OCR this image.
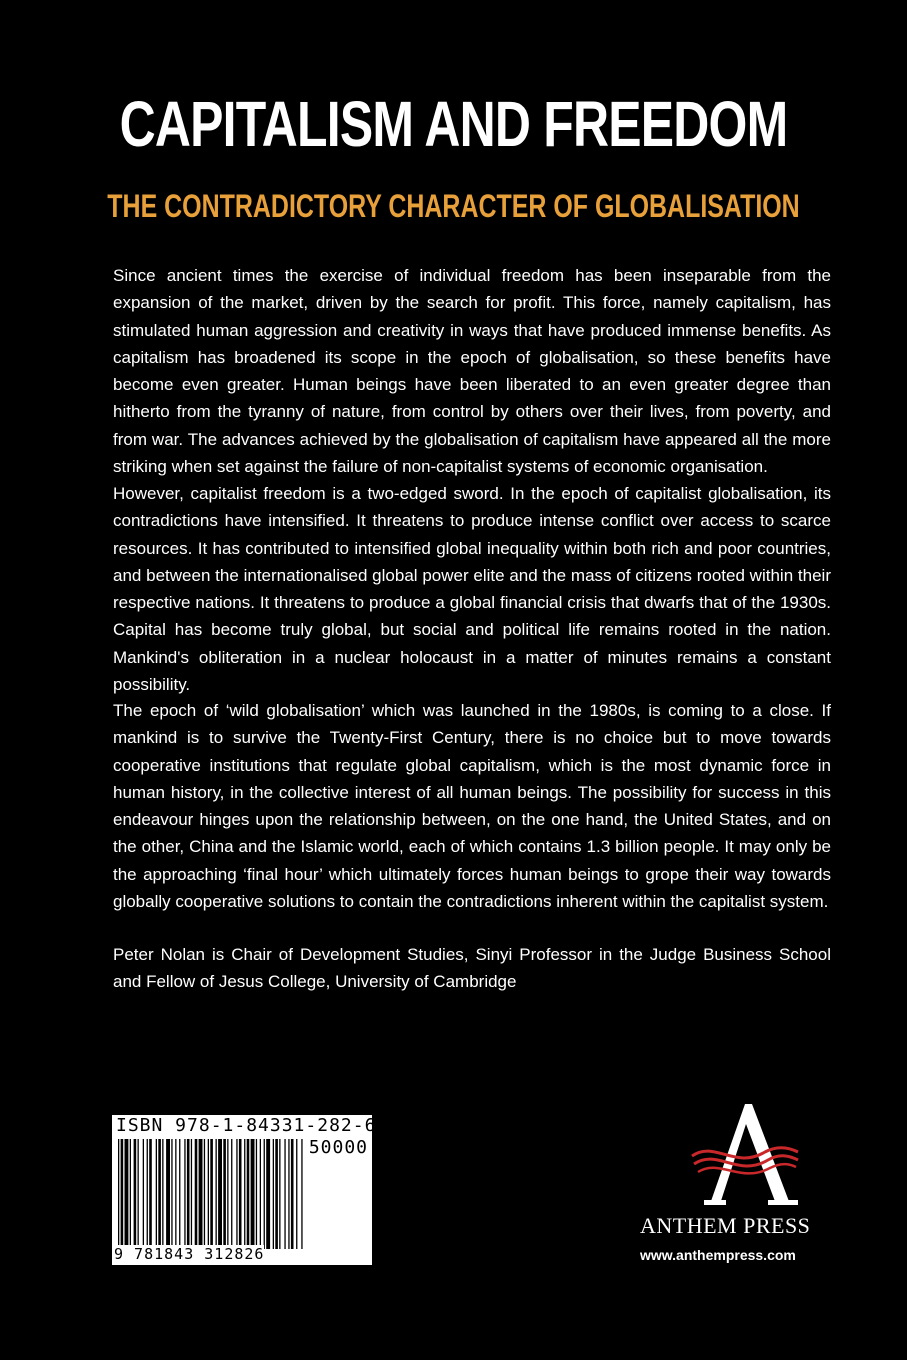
CAPITALISM AND FREEDOM
THE CONTRADICTORY CHARACTER OF GLOBALISATION

Since ancient times the exercise of individual freedom has been inseparable from the expansion of the market, driven by the search for profit. This force, namely capitalism, has stimulated human aggression and creativity in ways that have produced immense benefits. As capitalism has broadened its scope in the epoch of globalisation, so these benefits have become even greater. Human beings have been liberated to an even greater degree than hitherto from the tyranny of nature, from control by others over their lives, from poverty, and from war. The advances achieved by the globalisation of capitalism have appeared all the more striking when set against the failure of non-capitalist systems of economic organisation.

However, capitalist freedom is a two-edged sword. In the epoch of capitalist globalisation, its contradictions have intensified. It threatens to produce intense conflict over access to scarce resources. It has contributed to intensified global inequality within both rich and poor countries, and between the internationalised global power elite and the mass of citizens rooted within their respective nations. It threatens to produce a global financial crisis that dwarfs that of the 1930s. Capital has become truly global, but social and political life remains rooted in the nation. Mankind's obliteration in a nuclear holocaust in a matter of minutes remains a constant possibility.

The epoch of ‘wild globalisation’ which was launched in the 1980s, is coming to a close. If mankind is to survive the Twenty-First Century, there is no choice but to move towards cooperative institutions that regulate global capitalism, which is the most dynamic force in human history, in the collective interest of all human beings. The possibility for success in this endeavour hinges upon the relationship between, on the one hand, the United States, and on the other, China and the Islamic world, each of which contains 1.3 billion people. It may only be the approaching ‘final hour’ which ultimately forces human beings to grope their way towards globally cooperative solutions to contain the contradictions inherent within the capitalist system.

Peter Nolan is Chair of Development Studies, Sinyi Professor in the Judge Business School and Fellow of Jesus College, University of Cambridge

ISBN 978-1-84331-282-6
50000
9 781843 312826
ANTHEM PRESS
www.anthempress.com
